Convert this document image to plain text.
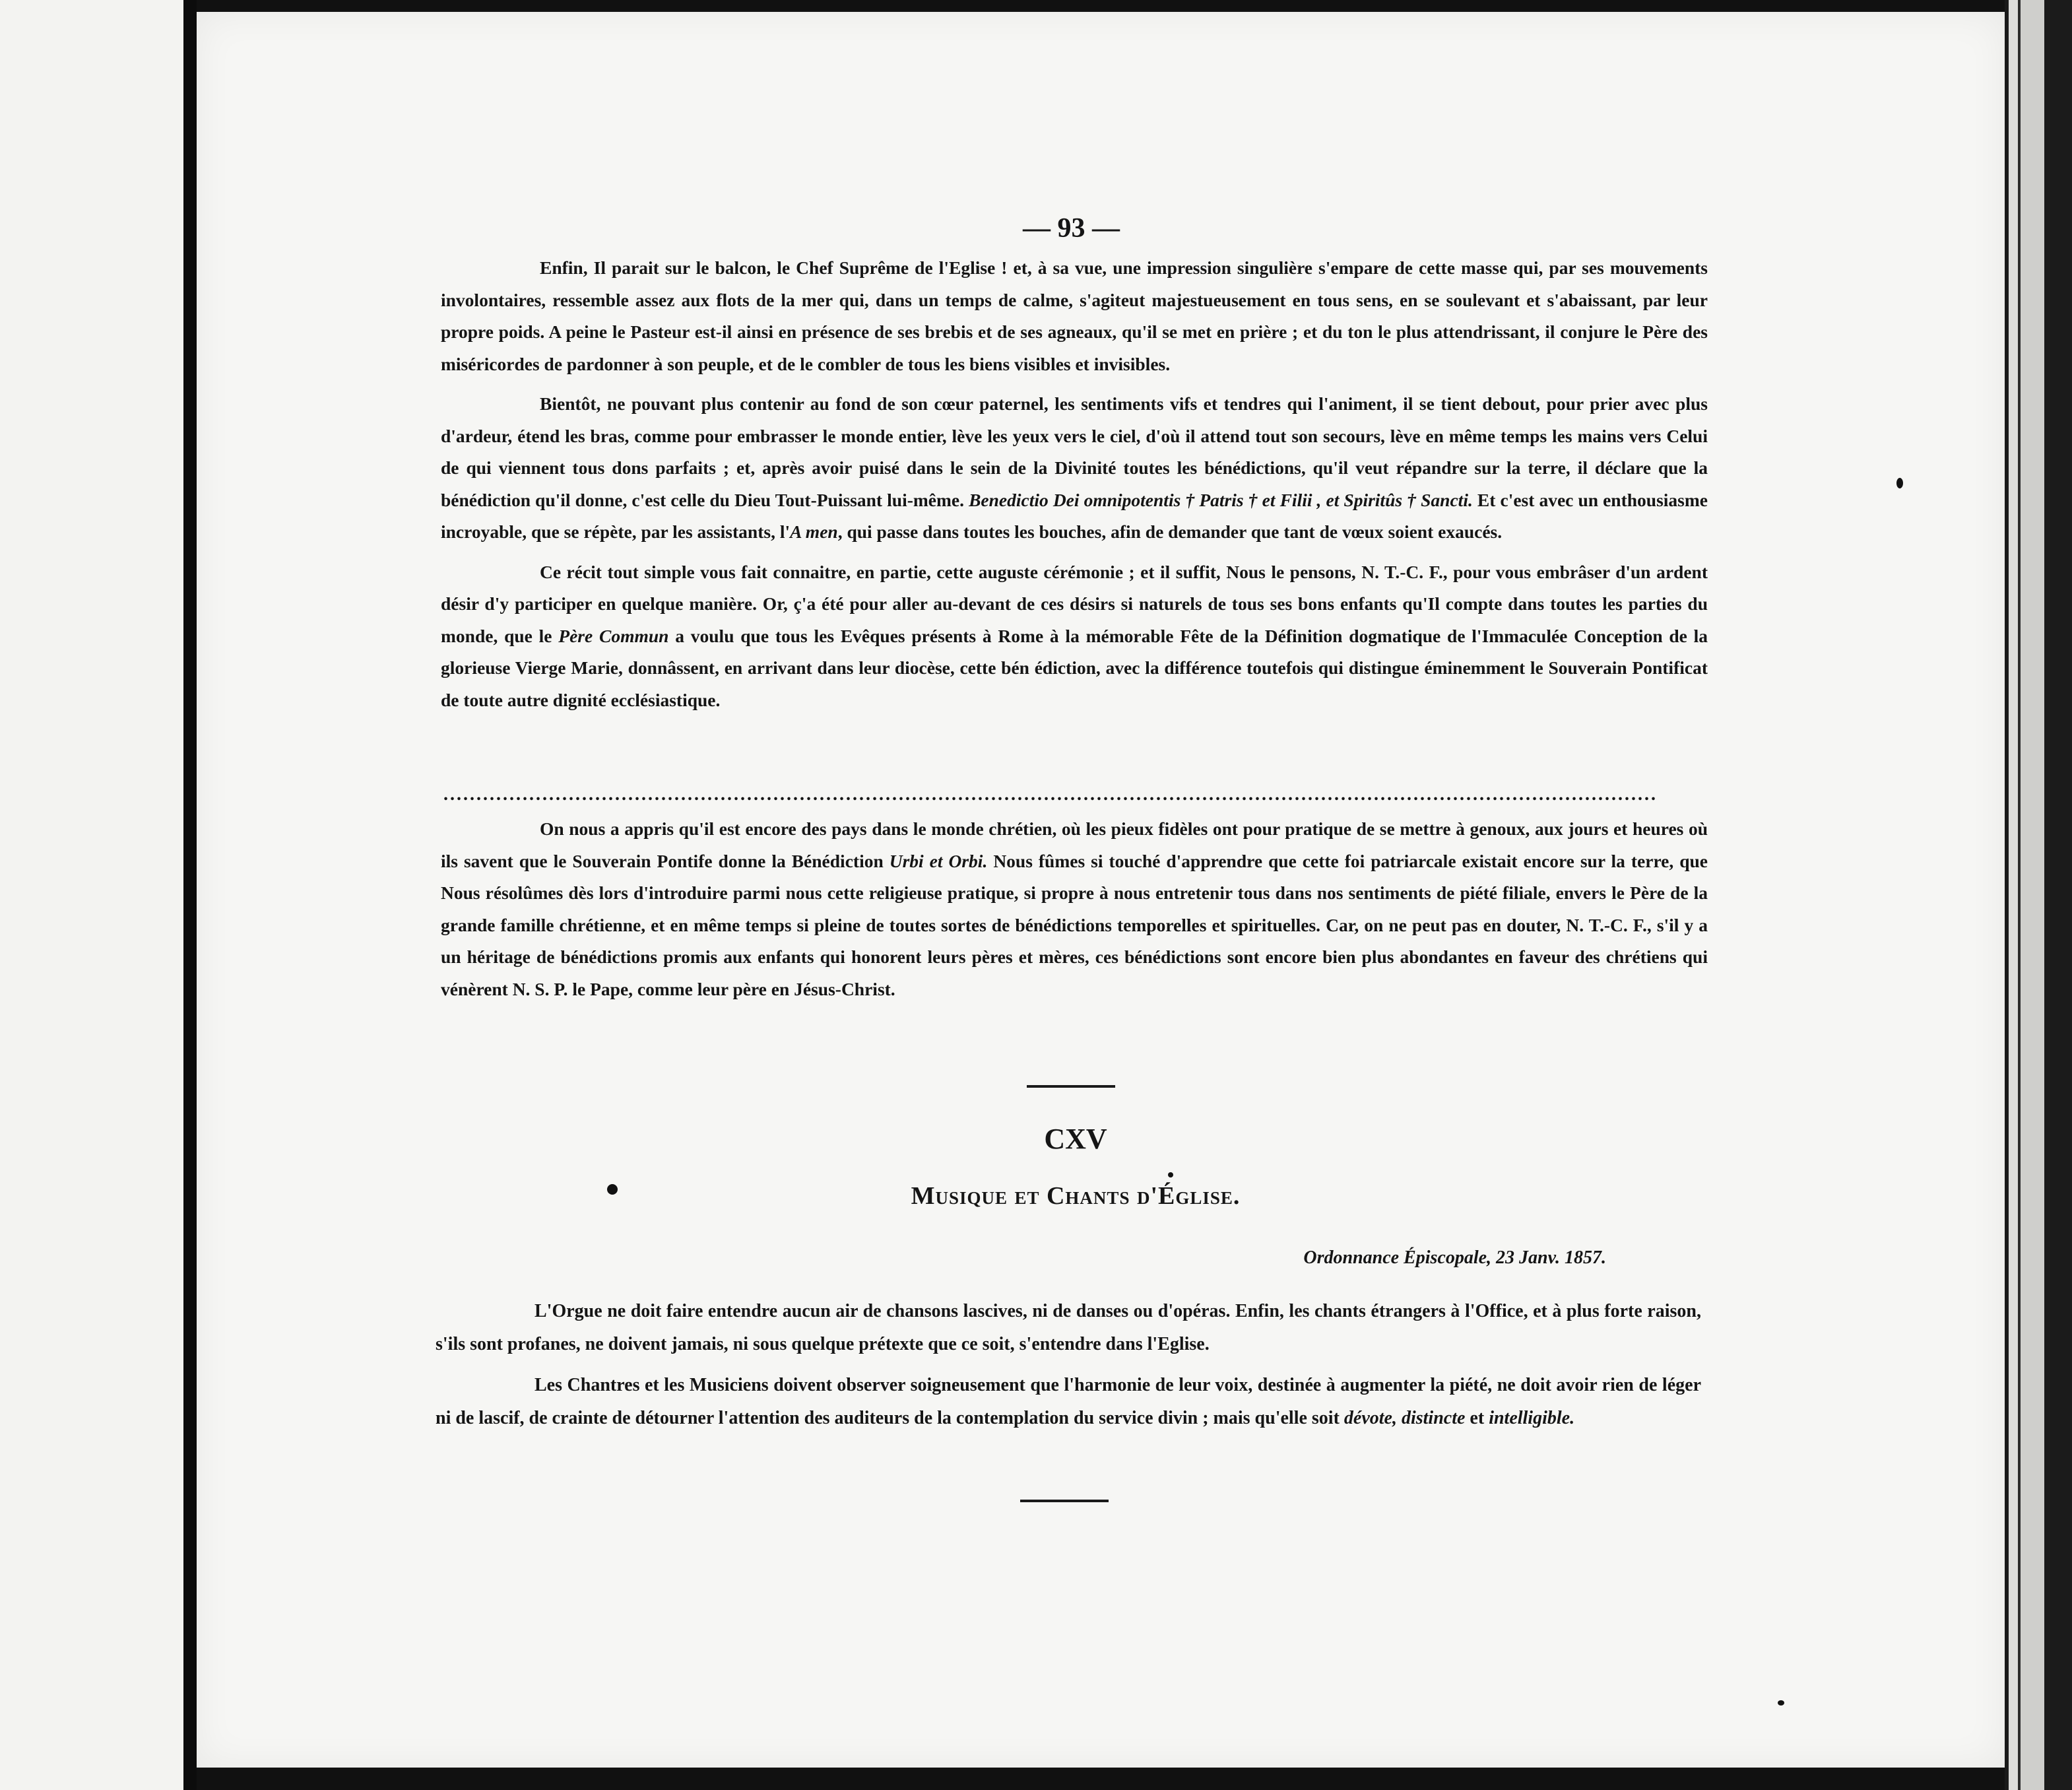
— 93 —

Enfin, Il parait sur le balcon, le Chef Suprême de l'Eglise ! et, à sa vue, une impression singulière s'empare de cette masse qui, par ses mouvements involontaires, ressemble assez aux flots de la mer qui, dans un temps de calme, s'agiteut majestueusement en tous sens, en se soulevant et s'abaissant, par leur propre poids. A peine le Pasteur est-il ainsi en présence de ses brebis et de ses agneaux, qu'il se met en prière ; et du ton le plus attendrissant, il conjure le Père des miséricordes de pardonner à son peuple, et de le combler de tous les biens visibles et invisibles.

Bientôt, ne pouvant plus contenir au fond de son cœur paternel, les sentiments vifs et tendres qui l'animent, il se tient debout, pour prier avec plus d'ardeur, étend les bras, comme pour embrasser le monde entier, lève les yeux vers le ciel, d'où il attend tout son secours, lève en même temps les mains vers Celui de qui viennent tous dons parfaits ; et, après avoir puisé dans le sein de la Divinité toutes les bénédictions, qu'il veut répandre sur la terre, il déclare que la bénédiction qu'il donne, c'est celle du Dieu Tout-Puissant lui-même. Benedictio Dei omnipotentis † Patris † et Filii , et Spiritûs † Sancti. Et c'est avec un enthousiasme incroyable, que se répète, par les assistants, l'A men, qui passe dans toutes les bouches, afin de demander que tant de vœux soient exaucés.

Ce récit tout simple vous fait connaitre, en partie, cette auguste cérémonie ; et il suffit, Nous le pensons, N. T.-C. F., pour vous embrâser d'un ardent désir d'y participer en quelque manière. Or, ç'a été pour aller au-devant de ces désirs si naturels de tous ses bons enfants qu'Il compte dans toutes les parties du monde, que le Père Commun a voulu que tous les Evêques présents à Rome à la mémorable Fête de la Définition dogmatique de l'Immaculée Conception de la glorieuse Vierge Marie, donnâssent, en arrivant dans leur diocèse, cette bén édiction, avec la différence toutefois qui distingue éminemment le Souverain Pontificat de toute autre dignité ecclésiastique.

........................................................................................................................................................................................

On nous a appris qu'il est encore des pays dans le monde chrétien, où les pieux fidèles ont pour pratique de se mettre à genoux, aux jours et heures où ils savent que le Souverain Pontife donne la Bénédiction Urbi et Orbi. Nous fûmes si touché d'apprendre que cette foi patriarcale existait encore sur la terre, que Nous résolûmes dès lors d'introduire parmi nous cette religieuse pratique, si propre à nous entretenir tous dans nos sentiments de piété filiale, envers le Père de la grande famille chrétienne, et en même temps si pleine de toutes sortes de bénédictions temporelles et spirituelles. Car, on ne peut pas en douter, N. T.-C. F., s'il y a un héritage de bénédictions promis aux enfants qui honorent leurs pères et mères, ces bénédictions sont encore bien plus abondantes en faveur des chrétiens qui vénèrent N. S. P. le Pape, comme leur père en Jésus-Christ.

CXV
Musique et Chants d'Église.
Ordonnance Épiscopale, 23 Janv. 1857.

L'Orgue ne doit faire entendre aucun air de chansons lascives, ni de danses ou d'opéras. Enfin, les chants étrangers à l'Office, et à plus forte raison, s'ils sont profanes, ne doivent jamais, ni sous quelque prétexte que ce soit, s'entendre dans l'Eglise.

Les Chantres et les Musiciens doivent observer soigneusement que l'harmonie de leur voix, destinée à augmenter la piété, ne doit avoir rien de léger ni de lascif, de crainte de détourner l'attention des auditeurs de la contemplation du service divin ; mais qu'elle soit dévote, distincte et intelligible.
